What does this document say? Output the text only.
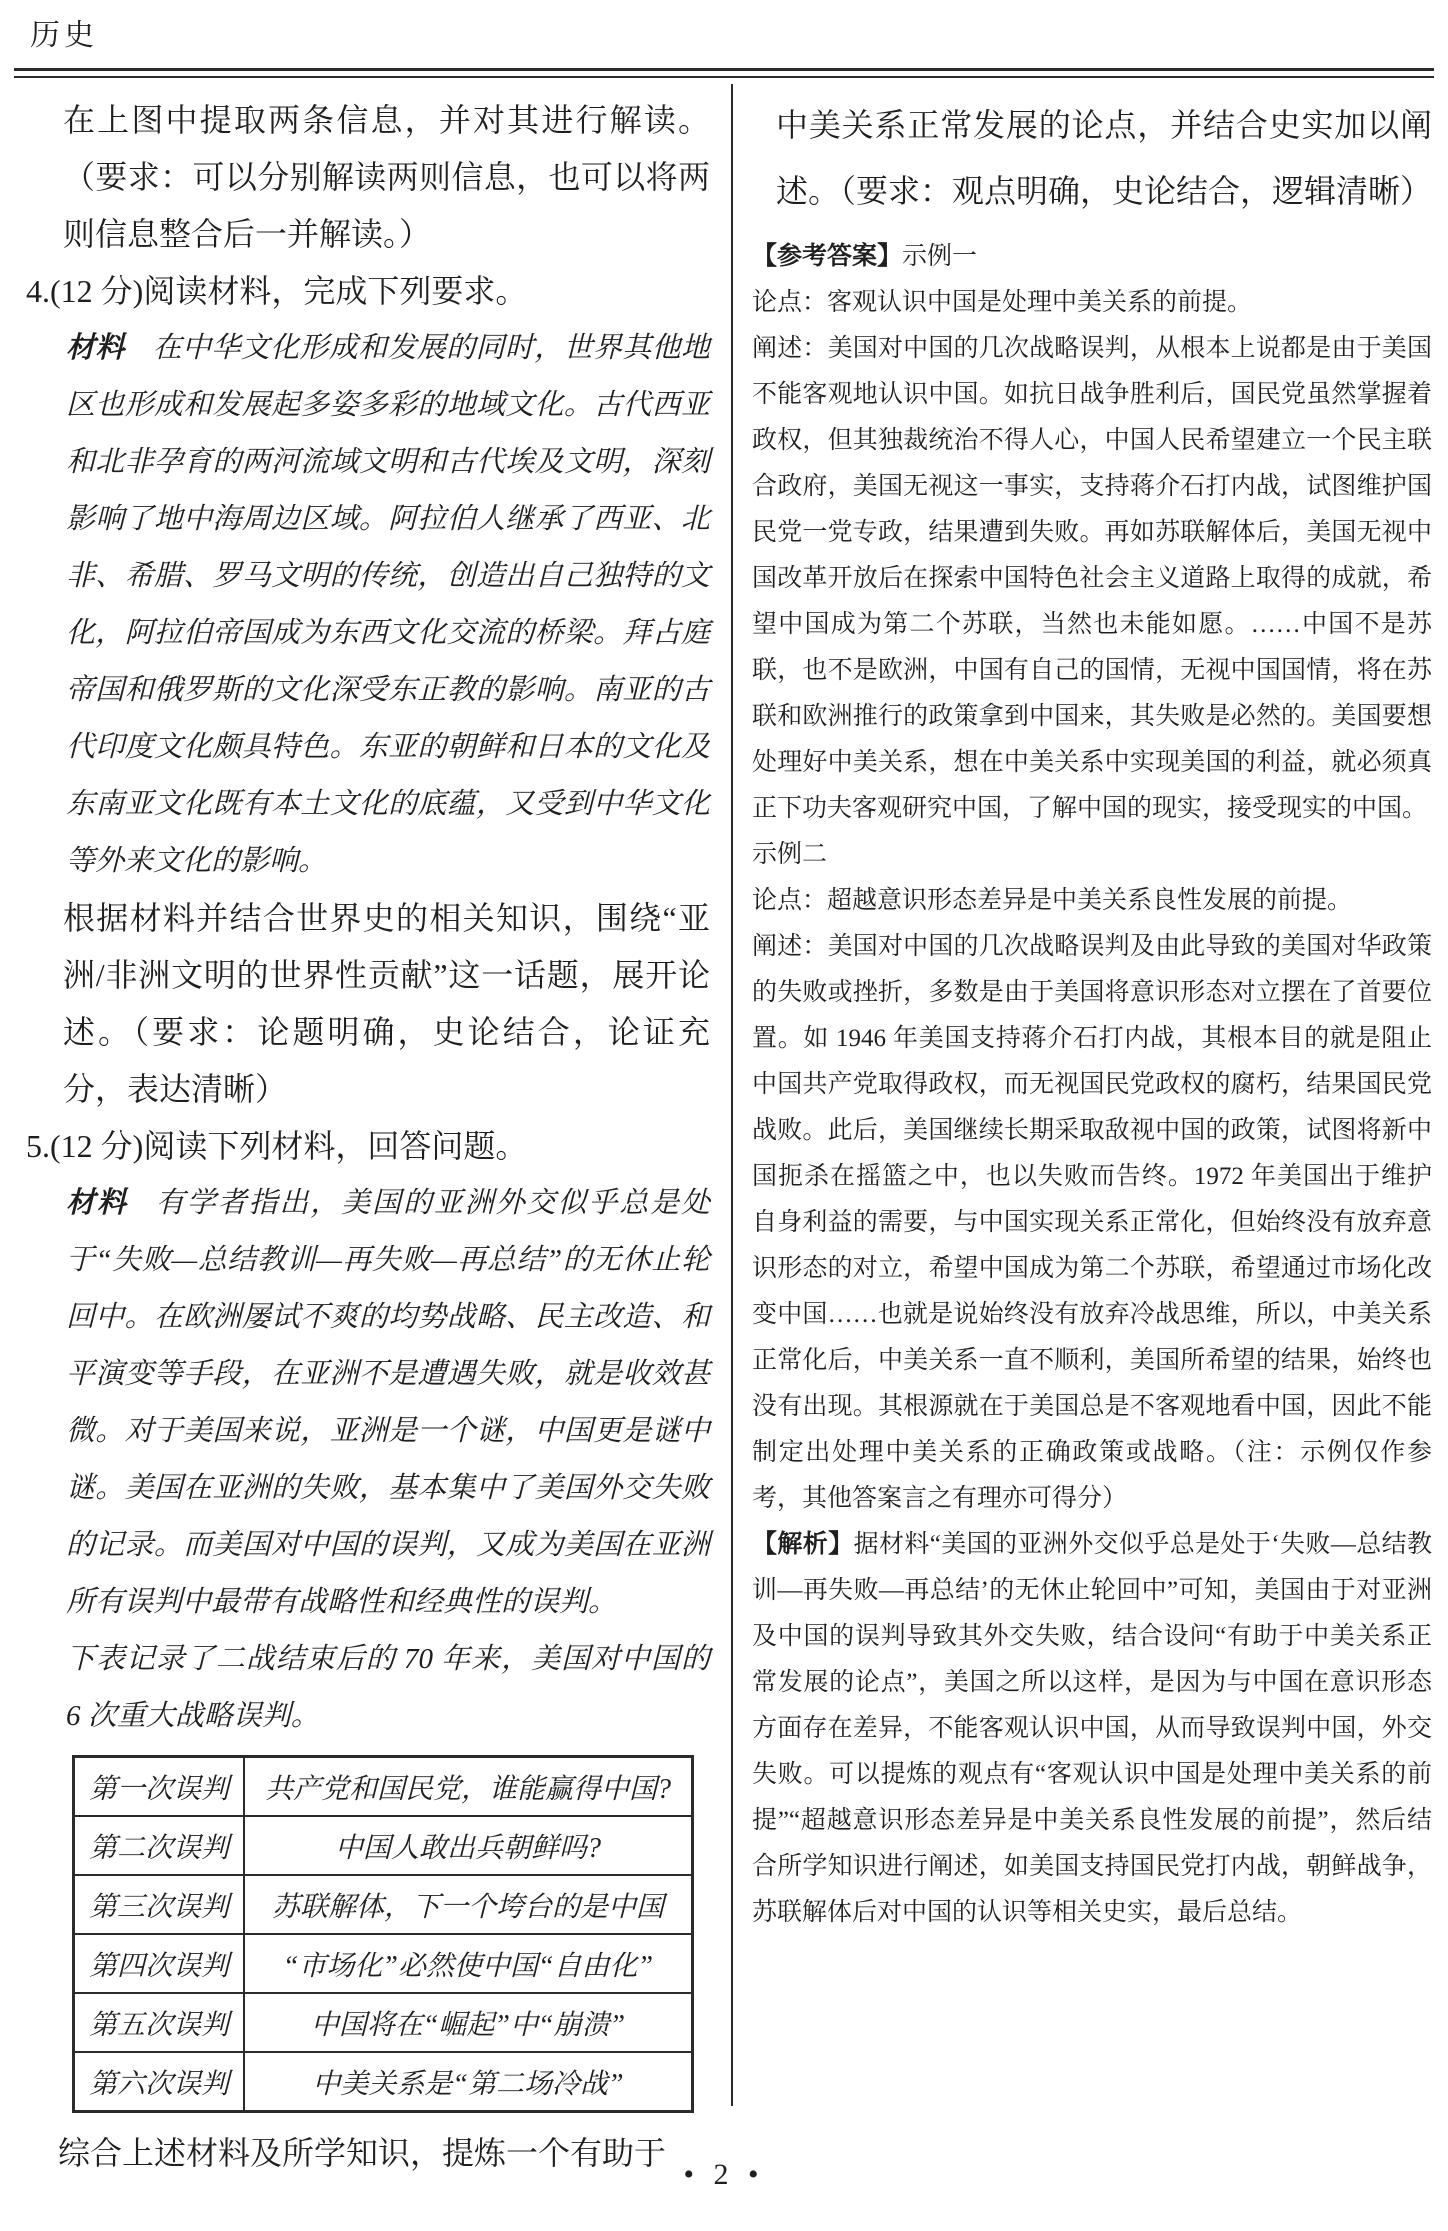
历史

在上图中提取两条信息，并对其进行解读。（要求：可以分别解读两则信息，也可以将两则信息整合后一并解读。）

4.(12 分)阅读材料，完成下列要求。

材料 在中华文化形成和发展的同时，世界其他地区也形成和发展起多姿多彩的地域文化。古代西亚和北非孕育的两河流域文明和古代埃及文明，深刻影响了地中海周边区域。阿拉伯人继承了西亚、北非、希腊、罗马文明的传统，创造出自己独特的文化，阿拉伯帝国成为东西文化交流的桥梁。拜占庭帝国和俄罗斯的文化深受东正教的影响。南亚的古代印度文化颇具特色。东亚的朝鲜和日本的文化及东南亚文化既有本土文化的底蕴，又受到中华文化等外来文化的影响。

根据材料并结合世界史的相关知识，围绕“亚洲/非洲文明的世界性贡献”这一话题，展开论述。（要求：论题明确，史论结合，论证充分，表达清晰）

5.(12 分)阅读下列材料，回答问题。

材料 有学者指出，美国的亚洲外交似乎总是处于“失败—总结教训—再失败—再总结”的无休止轮回中。在欧洲屡试不爽的均势战略、民主改造、和平演变等手段，在亚洲不是遭遇失败，就是收效甚微。对于美国来说，亚洲是一个谜，中国更是谜中谜。美国在亚洲的失败，基本集中了美国外交失败的记录。而美国对中国的误判，又成为美国在亚洲所有误判中最带有战略性和经典性的误判。

下表记录了二战结束后的 70 年来，美国对中国的 6 次重大战略误判。

第一次误判	共产党和国民党，谁能赢得中国?
第二次误判	中国人敢出兵朝鲜吗?
第三次误判	苏联解体，下一个垮台的是中国
第四次误判	“市场化”必然使中国“自由化”
第五次误判	中国将在“崛起”中“崩溃”
第六次误判	中美关系是“第二场冷战”

综合上述材料及所学知识，提炼一个有助于

中美关系正常发展的论点，并结合史实加以阐述。（要求：观点明确，史论结合，逻辑清晰）

【参考答案】示例一

论点：客观认识中国是处理中美关系的前提。

阐述：美国对中国的几次战略误判，从根本上说都是由于美国不能客观地认识中国。如抗日战争胜利后，国民党虽然掌握着政权，但其独裁统治不得人心，中国人民希望建立一个民主联合政府，美国无视这一事实，支持蒋介石打内战，试图维护国民党一党专政，结果遭到失败。再如苏联解体后，美国无视中国改革开放后在探索中国特色社会主义道路上取得的成就，希望中国成为第二个苏联，当然也未能如愿。……中国不是苏联，也不是欧洲，中国有自己的国情，无视中国国情，将在苏联和欧洲推行的政策拿到中国来，其失败是必然的。美国要想处理好中美关系，想在中美关系中实现美国的利益，就必须真正下功夫客观研究中国，了解中国的现实，接受现实的中国。

示例二

论点：超越意识形态差异是中美关系良性发展的前提。

阐述：美国对中国的几次战略误判及由此导致的美国对华政策的失败或挫折，多数是由于美国将意识形态对立摆在了首要位置。如 1946 年美国支持蒋介石打内战，其根本目的就是阻止中国共产党取得政权，而无视国民党政权的腐朽，结果国民党战败。此后，美国继续长期采取敌视中国的政策，试图将新中国扼杀在摇篮之中，也以失败而告终。1972 年美国出于维护自身利益的需要，与中国实现关系正常化，但始终没有放弃意识形态的对立，希望中国成为第二个苏联，希望通过市场化改变中国……也就是说始终没有放弃冷战思维，所以，中美关系正常化后，中美关系一直不顺利，美国所希望的结果，始终也没有出现。其根源就在于美国总是不客观地看中国，因此不能制定出处理中美关系的正确政策或战略。（注：示例仅作参考，其他答案言之有理亦可得分）

【解析】据材料“美国的亚洲外交似乎总是处于‘失败—总结教训—再失败—再总结’的无休止轮回中”可知，美国由于对亚洲及中国的误判导致其外交失败，结合设问“有助于中美关系正常发展的论点”，美国之所以这样，是因为与中国在意识形态方面存在差异，不能客观认识中国，从而导致误判中国，外交失败。可以提炼的观点有“客观认识中国是处理中美关系的前提”“超越意识形态差异是中美关系良性发展的前提”，然后结合所学知识进行阐述，如美国支持国民党打内战，朝鲜战争，苏联解体后对中国的认识等相关史实，最后总结。

• 2 •
